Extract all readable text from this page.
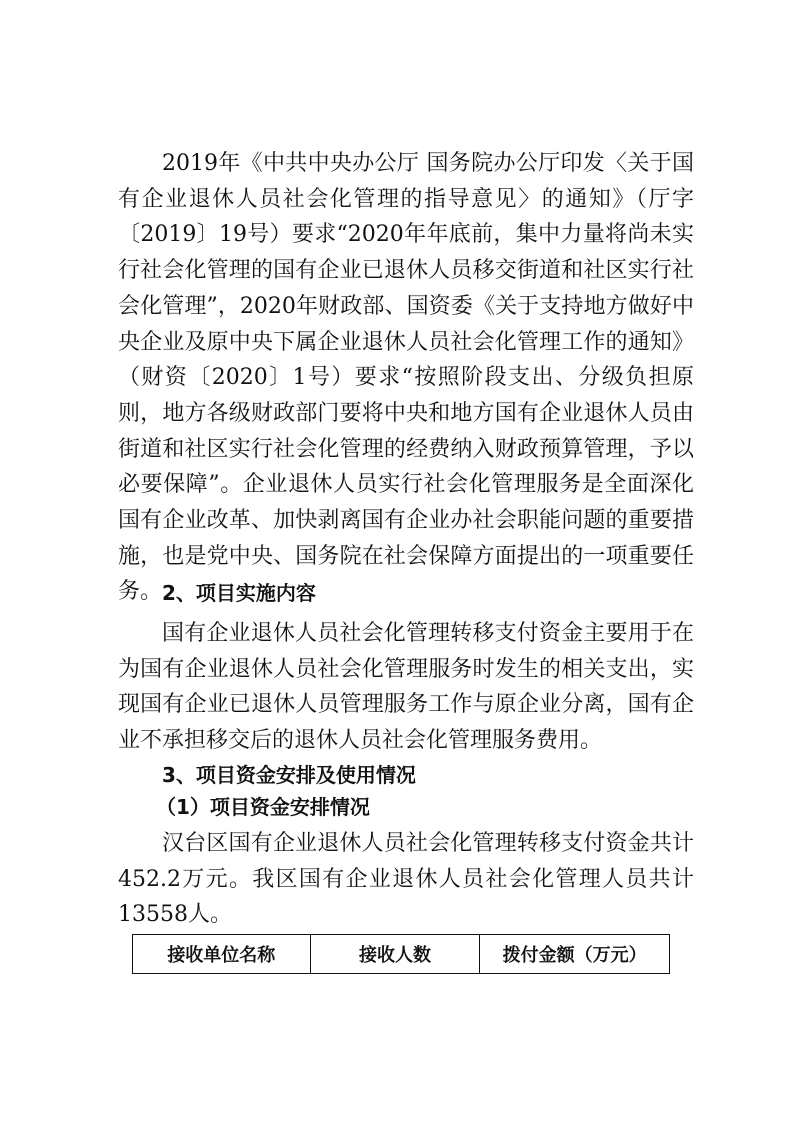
2019年《中共中央办公厅 国务院办公厅印发〈关于国有企业退休人员社会化管理的指导意见〉的通知》（厅字〔2019〕19号）要求“2020年年底前，集中力量将尚未实行社会化管理的国有企业已退休人员移交街道和社区实行社会化管理”，2020年财政部、国资委《关于支持地方做好中央企业及原中央下属企业退休人员社会化管理工作的通知》（财资〔2020〕1号）要求“按照阶段支出、分级负担原则，地方各级财政部门要将中央和地方国有企业退休人员由街道和社区实行社会化管理的经费纳入财政预算管理，予以必要保障”。企业退休人员实行社会化管理服务是全面深化国有企业改革、加快剥离国有企业办社会职能问题的重要措施，也是党中央、国务院在社会保障方面提出的一项重要任务。 2、项目实施内容

国有企业退休人员社会化管理转移支付资金主要用于在为国有企业退休人员社会化管理服务时发生的相关支出，实现国有企业已退休人员管理服务工作与原企业分离，国有企业不承担移交后的退休人员社会化管理服务费用。

3、项目资金安排及使用情况
（1）项目资金安排情况

汉台区国有企业退休人员社会化管理转移支付资金共计452.2万元。我区国有企业退休人员社会化管理人员共计13558人。

接收单位名称	接收人数	拨付金额（万元）
